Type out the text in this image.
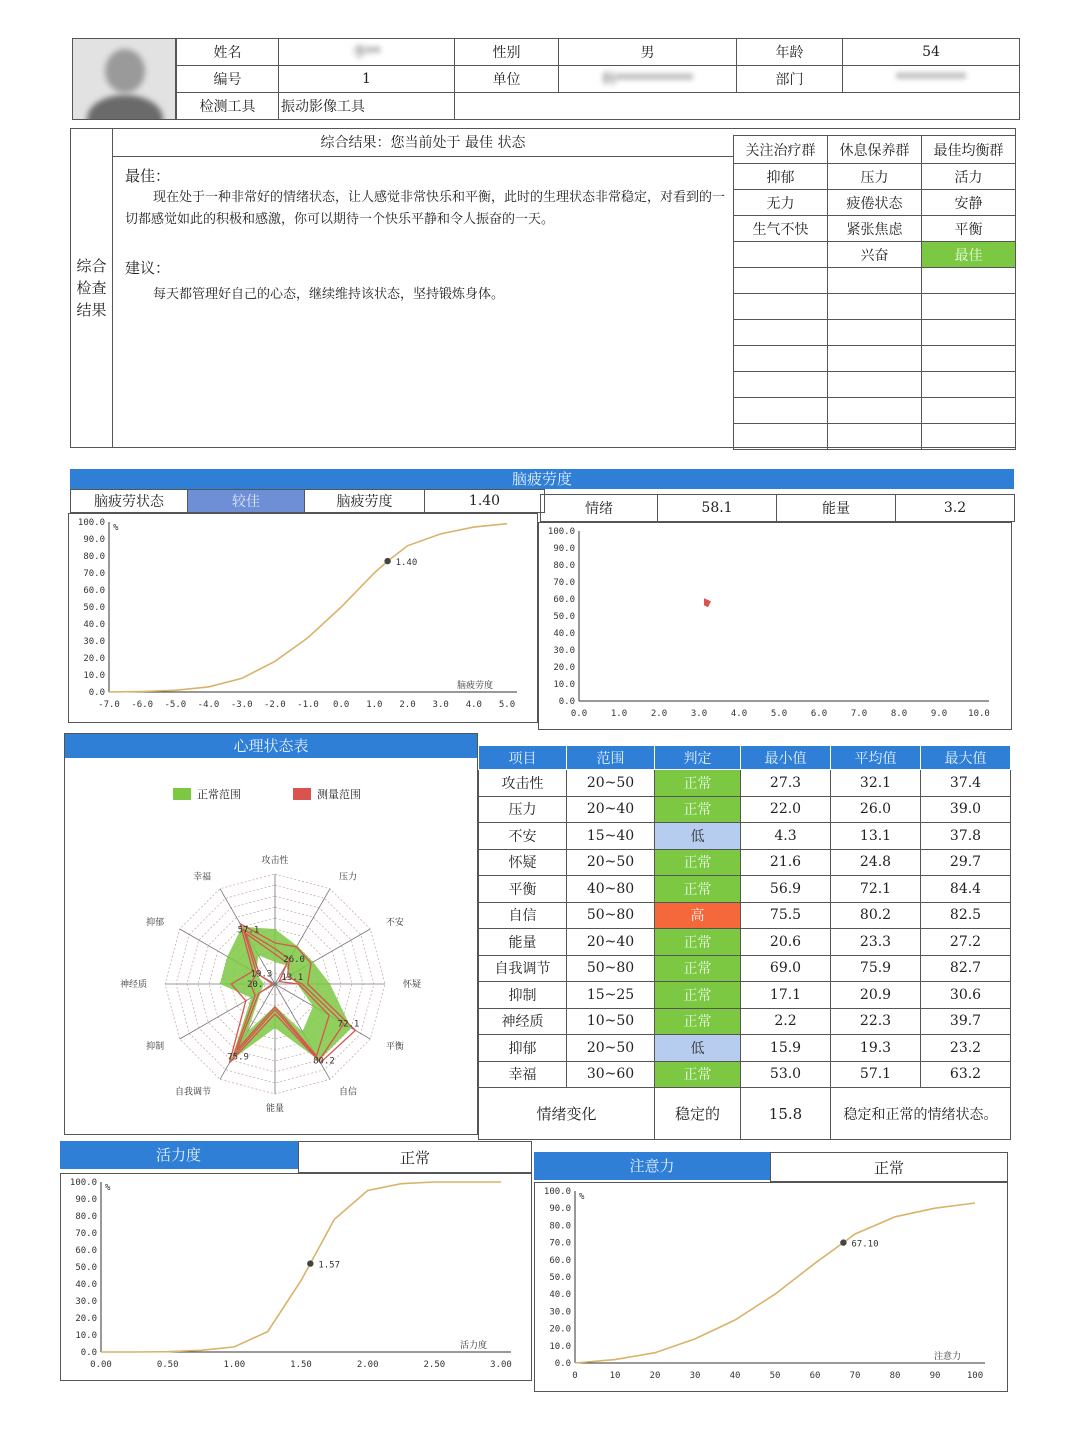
姓名	李**	性别	男	年龄	54
编号	1	单位	科***********	部门	**********
检测工具	振动影像工具				
综合检查结果
综合结果：您当前处于 最佳 状态
最佳：
现在处于一种非常好的情绪状态，让人感觉非常快乐和平衡，此时的生理状态非常稳定，对看到的一切都感觉如此的积极和感激，你可以期待一个快乐平静和令人振奋的一天。
建议：
每天都管理好自己的心态，继续维持该状态，坚持锻炼身体。
关注治疗群	休息保养群	最佳均衡群
抑郁	压力	活力
无力	疲倦状态	安静
生气不快	紧张焦虑	平衡
	兴奋	最佳

脑疲劳度
脑疲劳状态	较佳	脑疲劳度	1.40	情绪	58.1	能量	3.2
0.0
10.0
20.0
30.0
40.0
50.0
60.0
70.0
80.0
90.0
100.0
-7.0 -6.0 -5.0 -4.0 -3.0 -2.0 -1.0 0.0 1.0 2.0 3.0 4.0 5.0
%
脑疲劳度
1.40
0.0
10.0
20.0
30.0
40.0
50.0
60.0
70.0
80.0
90.0
100.0
0.0	1.0	2.0	3.0	4.0	5.0	6.0	7.0	8.0	9.0 10.0
心理状态表
正常范围	测量范围
攻击性
压力
不安
怀疑
平衡
自信
能量
自我调节
抑制
神经质
抑郁
幸福
57.1
19.3
20.
75.9	80.2
72.1
26.0
13.1
项目	范围	判定	最小值	平均值	最大值
攻击性	20~50	正常	27.3	32.1	37.4
压力	20~40	正常	22.0	26.0	39.0
不安	15~40	低	4.3	13.1	37.8
怀疑	20~50	正常	21.6	24.8	29.7
平衡	40~80	正常	56.9	72.1	84.4
自信	50~80	高	75.5	80.2	82.5
能量	20~40	正常	20.6	23.3	27.2
自我调节	50~80	正常	69.0	75.9	82.7
抑制	15~25	正常	17.1	20.9	30.6
神经质	10~50	正常	2.2	22.3	39.7
抑郁	20~50	低	15.9	19.3	23.2
幸福	30~60	正常	53.0	57.1	63.2
情绪变化		稳定的	15.8	稳定和正常的情绪状态。	
活力度	正常
0.0
10.0
20.0
30.0
40.0
50.0
60.0
70.0
80.0
90.0
100.0
0.00	0.50	1.00	1.50	2.00	2.50	3.00
%
活力度
1.57
注意力	正常
0.0
10.0
20.0
30.0
40.0
50.0
60.0
70.0
80.0
90.0
100.0
0	10	20	30	40	50	60	70	80	90	100
%
注意力
67.10
